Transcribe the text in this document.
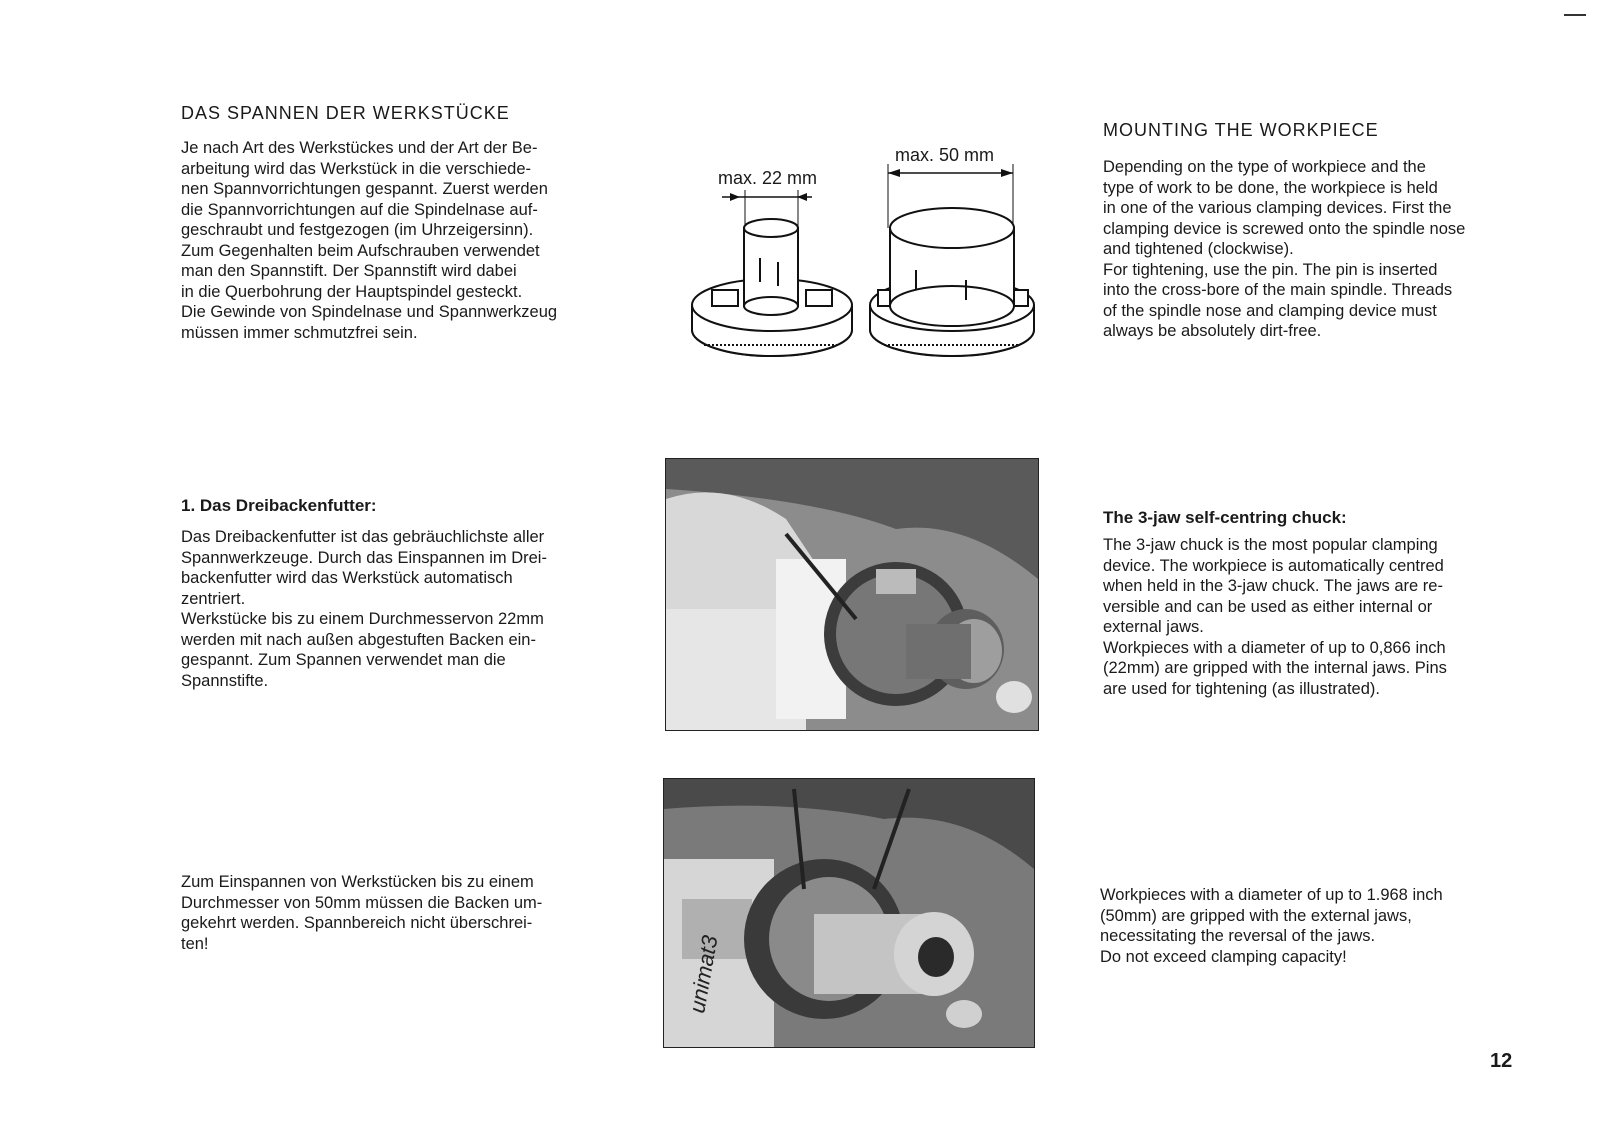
DAS SPANNEN DER WERKSTÜCKE
Je nach Art des Werkstückes und der Art der Be-
arbeitung wird das Werkstück in die verschiede-
nen Spannvorrichtungen gespannt. Zuerst werden
die Spannvorrichtungen auf die Spindelnase auf-
geschraubt und festgezogen (im Uhrzeigersinn).
Zum Gegenhalten beim Aufschrauben verwendet
man den Spannstift. Der Spannstift wird dabei
in die Querbohrung der Hauptspindel gesteckt.
Die Gewinde von Spindelnase und Spannwerkzeug
müssen immer schmutzfrei sein.
max. 22 mm
max. 50 mm
MOUNTING THE WORKPIECE
Depending on the type of workpiece and the
type of work to be done, the workpiece is held
in one of the various clamping devices. First the
clamping device is screwed onto the spindle nose
and tightened (clockwise).
For tightening, use the pin. The pin is inserted
into the cross-bore of the main spindle. Threads
of the spindle nose and clamping device must
always be absolutely dirt-free.
1. Das Dreibackenfutter:
Das Dreibackenfutter ist das gebräuchlichste aller
Spannwerkzeuge. Durch das Einspannen im Drei-
backenfutter wird das Werkstück automatisch
zentriert.
Werkstücke bis zu einem Durchmesservon 22mm
werden mit nach außen abgestuften Backen ein-
gespannt. Zum Spannen verwendet man die
Spannstifte.
The 3-jaw self-centring chuck:
The 3-jaw chuck is the most popular clamping
device. The workpiece is automatically centred
when held in the 3-jaw chuck. The jaws are re-
versible and can be used as either internal or
external jaws.
Workpieces with a diameter of up to 0,866 inch
(22mm) are gripped with the internal jaws. Pins
are used for tightening (as illustrated).
Zum Einspannen von Werkstücken bis zu einem
Durchmesser von 50mm müssen die Backen um-
gekehrt werden. Spannbereich nicht überschrei-
ten!	unimat3
Workpieces with a diameter of up to 1.968 inch
(50mm) are gripped with the external jaws,
necessitating the reversal of the jaws.
Do not exceed clamping capacity!
12
